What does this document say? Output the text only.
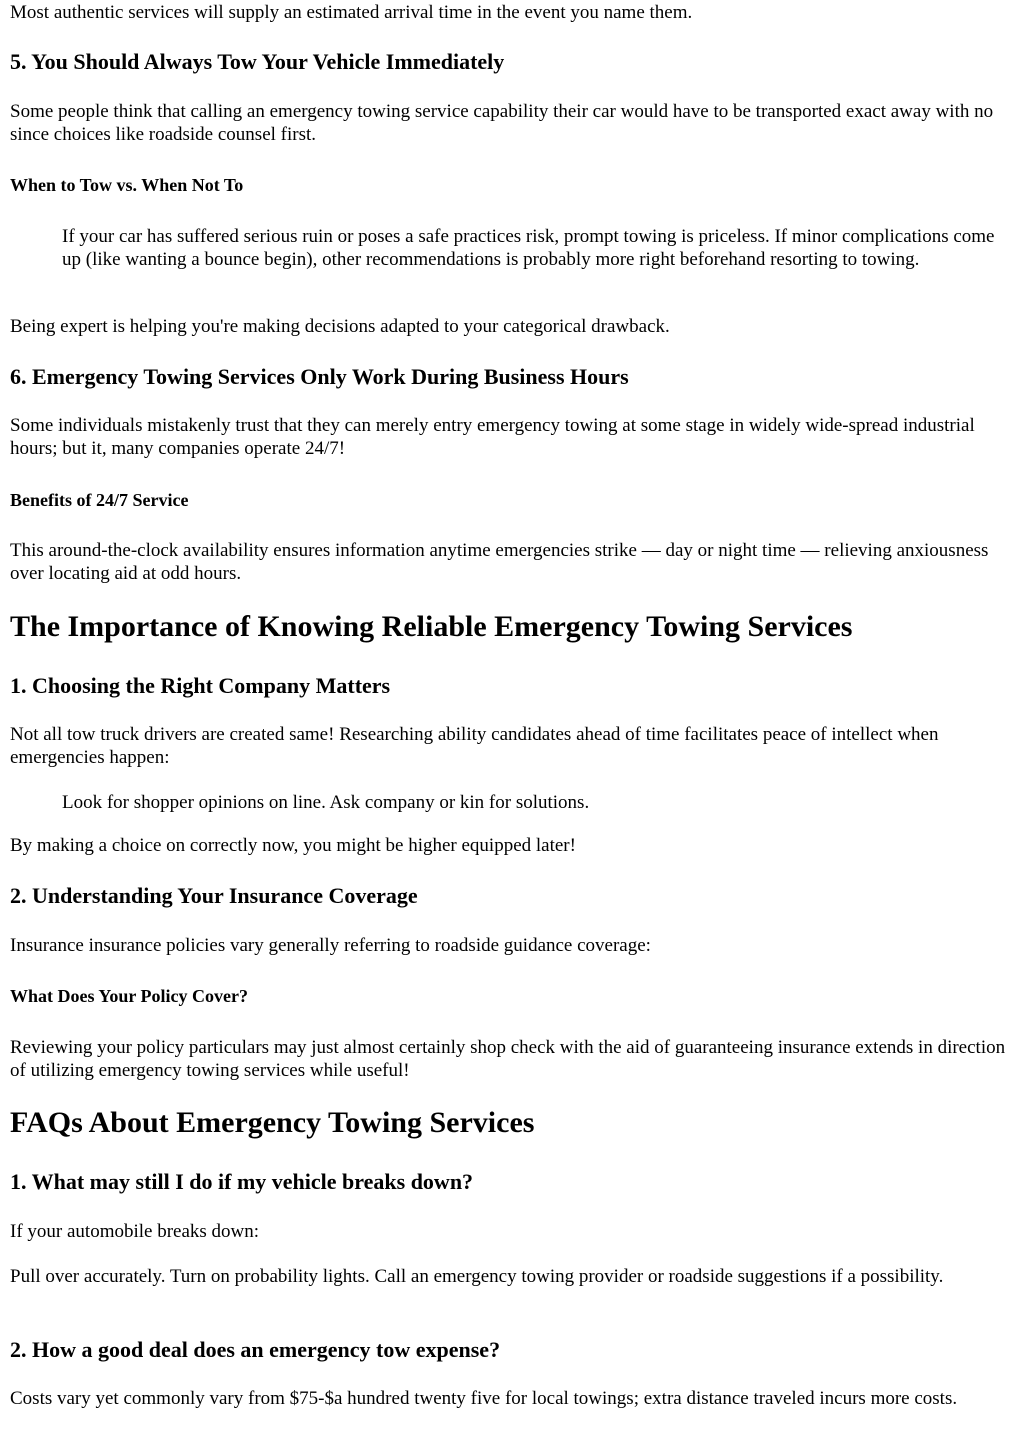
Most authentic services will supply an estimated arrival time in the event you name them.

5. You Should Always Tow Your Vehicle Immediately

Some people think that calling an emergency towing service capability their car would have to be transported exact away with no since choices like roadside counsel first.

When to Tow vs. When Not To
If your car has suffered serious ruin or poses a safe practices risk, prompt towing is priceless. If minor complications come up (like wanting a bounce begin), other recommendations is probably more right beforehand resorting to towing.

Being expert is helping you're making decisions adapted to your categorical drawback.

6. Emergency Towing Services Only Work During Business Hours

Some individuals mistakenly trust that they can merely entry emergency towing at some stage in widely wide-spread industrial hours; but it, many companies operate 24/7!

Benefits of 24/7 Service

This around-the-clock availability ensures information anytime emergencies strike — day or night time — relieving anxiousness over locating aid at odd hours.

The Importance of Knowing Reliable Emergency Towing Services
1. Choosing the Right Company Matters

Not all tow truck drivers are created same! Researching ability candidates ahead of time facilitates peace of intellect when emergencies happen:

Look for shopper opinions on line. Ask company or kin for solutions.

By making a choice on correctly now, you might be higher equipped later!

2. Understanding Your Insurance Coverage

Insurance insurance policies vary generally referring to roadside guidance coverage:

What Does Your Policy Cover?

Reviewing your policy particulars may just almost certainly shop check with the aid of guaranteeing insurance extends in direction of utilizing emergency towing services while useful!

FAQs About Emergency Towing Services
1. What may still I do if my vehicle breaks down?

If your automobile breaks down:

Pull over accurately. Turn on probability lights. Call an emergency towing provider or roadside suggestions if a possibility.

2. How a good deal does an emergency tow expense?

Costs vary yet commonly vary from $75-$a hundred twenty five for local towings; extra distance traveled incurs more costs.
